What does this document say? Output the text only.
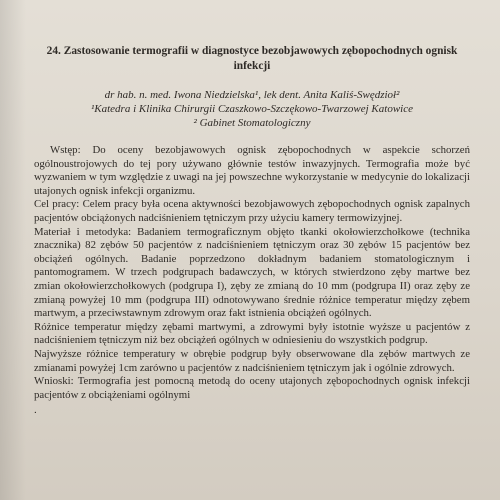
24. Zastosowanie termografii w diagnostyce bezobjawowych zębopochodnych ognisk infekcji

dr hab. n. med. Iwona Niedzielska¹, lek dent. Anita Kaliś-Swędzioł²

¹Katedra i Klinika Chirurgii Czaszkowo-Szczękowo-Twarzowej Katowice

² Gabinet Stomatologiczny

Wstęp: Do oceny bezobjawowych ognisk zębopochodnych w aspekcie schorzeń ogólnoustrojowych do tej pory używano głównie testów inwazyjnych. Termografia może być wyzwaniem w tym względzie z uwagi na jej powszechne wykorzystanie w medycynie do lokalizacji utajonych ognisk infekcji organizmu.

Cel pracy: Celem pracy była ocena aktywności bezobjawowych zębopochodnych ognisk zapalnych pacjentów obciążonych nadciśnieniem tętniczym przy użyciu kamery termowizyjnej.

Materiał i metodyka: Badaniem termograficznym objęto tkanki okołowierzchołkowe (technika znacznika) 82 zębów 50 pacjentów z nadciśnieniem tętniczym oraz 30 zębów 15 pacjentów bez obciążeń ogólnych. Badanie poprzedzono dokładnym badaniem stomatologicznym i pantomogramem. W trzech podgrupach badawczych, w których stwierdzono zęby martwe bez zmian okołowierzchołkowych (podgrupa I), zęby ze zmianą do 10 mm (podgrupa II) oraz zęby ze zmianą powyżej 10 mm (podgrupa III) odnotowywano średnie różnice temperatur między zębem martwym, a przeciwstawnym zdrowym oraz fakt istnienia obciążeń ogólnych.

Różnice temperatur między zębami martwymi, a zdrowymi były istotnie wyższe u pacjentów z nadciśnieniem tętniczym niż bez obciążeń ogólnych w odniesieniu do wszystkich podgrup.

Najwyższe różnice temperatury w obrębie podgrup były obserwowane dla zębów martwych ze zmianami powyżej 1cm zarówno u pacjentów z nadciśnieniem tętniczym jak i ogólnie zdrowych.

Wnioski: Termografia jest pomocną metodą do oceny utajonych zębopochodnych ognisk infekcji pacjentów z obciążeniami ogólnymi

.
